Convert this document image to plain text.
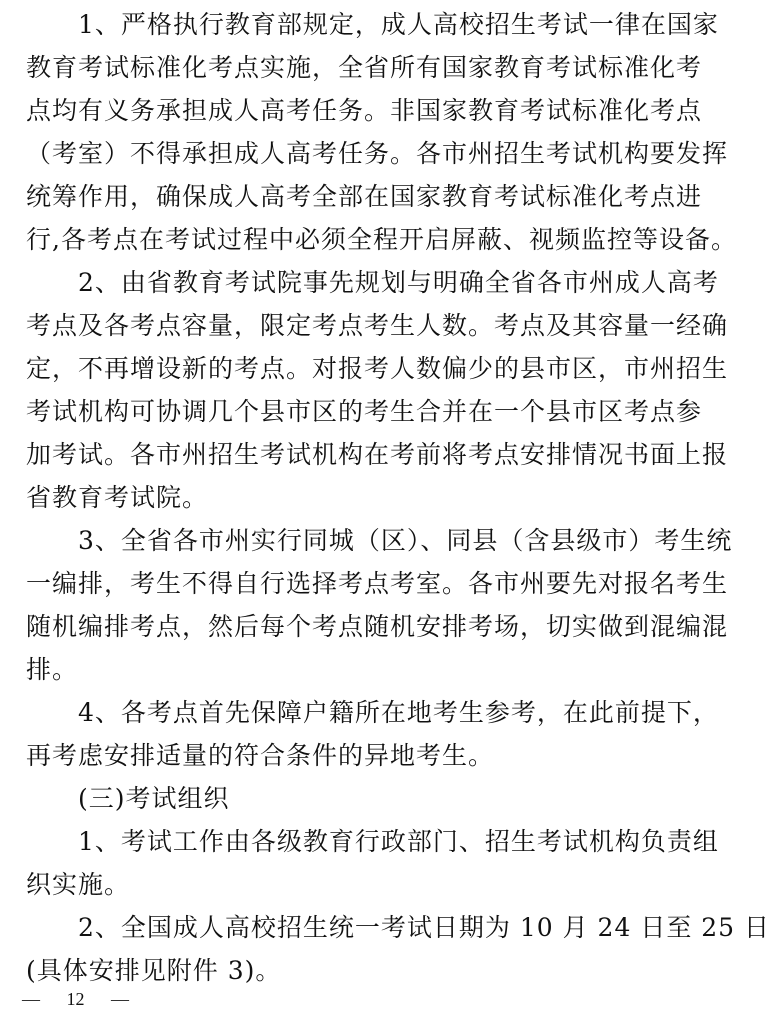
1、严格执行教育部规定，成人高校招生考试一律在国家
教育考试标准化考点实施，全省所有国家教育考试标准化考
点均有义务承担成人高考任务。非国家教育考试标准化考点
（考室）不得承担成人高考任务。各市州招生考试机构要发挥
统筹作用，确保成人高考全部在国家教育考试标准化考点进
行,各考点在考试过程中必须全程开启屏蔽、视频监控等设备。
2、由省教育考试院事先规划与明确全省各市州成人高考
考点及各考点容量，限定考点考生人数。考点及其容量一经确
定，不再增设新的考点。对报考人数偏少的县市区，市州招生
考试机构可协调几个县市区的考生合并在一个县市区考点参
加考试。各市州招生考试机构在考前将考点安排情况书面上报
省教育考试院。
3、全省各市州实行同城（区）、同县（含县级市）考生统
一编排，考生不得自行选择考点考室。各市州要先对报名考生
随机编排考点，然后每个考点随机安排考场，切实做到混编混
排。
4、各考点首先保障户籍所在地考生参考，在此前提下，
再考虑安排适量的符合条件的异地考生。
(三)考试组织
1、考试工作由各级教育行政部门、招生考试机构负责组
织实施。
2、全国成人高校招生统一考试日期为 10 月 24 日至 25 日
(具体安排见附件 3)。
— 12 —
